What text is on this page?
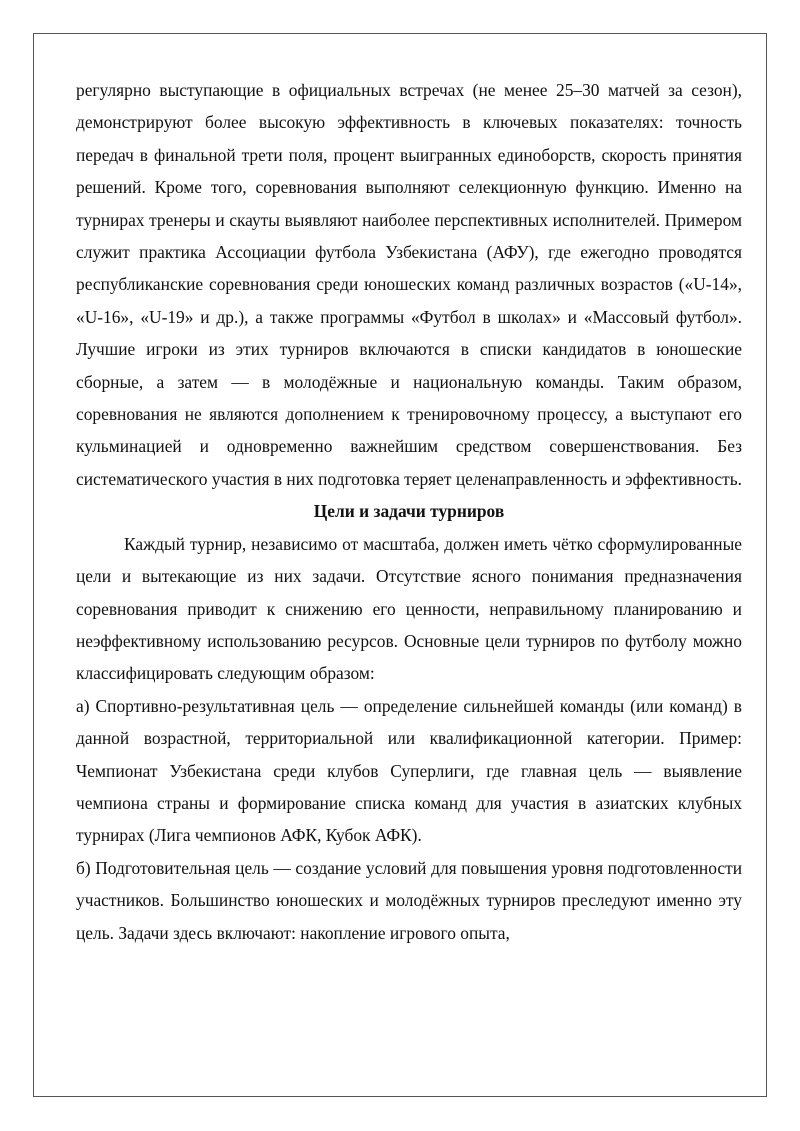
регулярно выступающие в официальных встречах (не менее 25–30 матчей за сезон), демонстрируют более высокую эффективность в ключевых показателях: точность передач в финальной трети поля, процент выигранных единоборств, скорость принятия решений. Кроме того, соревнования выполняют селекционную функцию. Именно на турнирах тренеры и скауты выявляют наиболее перспективных исполнителей. Примером служит практика Ассоциации футбола Узбекистана (АФУ), где ежегодно проводятся республиканские соревнования среди юношеских команд различных возрастов («U-14», «U-16», «U-19» и др.), а также программы «Футбол в школах» и «Массовый футбол». Лучшие игроки из этих турниров включаются в списки кандидатов в юношеские сборные, а затем — в молодёжные и национальную команды. Таким образом, соревнования не являются дополнением к тренировочному процессу, а выступают его кульминацией и одновременно важнейшим средством совершенствования. Без систематического участия в них подготовка теряет целенаправленность и эффективность.

Цели и задачи турниров

Каждый турнир, независимо от масштаба, должен иметь чётко сформулированные цели и вытекающие из них задачи. Отсутствие ясного понимания предназначения соревнования приводит к снижению его ценности, неправильному планированию и неэффективному использованию ресурсов. Основные цели турниров по футболу можно классифицировать следующим образом:

а) Спортивно-результативная цель — определение сильнейшей команды (или команд) в данной возрастной, территориальной или квалификационной категории. Пример: Чемпионат Узбекистана среди клубов Суперлиги, где главная цель — выявление чемпиона страны и формирование списка команд для участия в азиатских клубных турнирах (Лига чемпионов АФК, Кубок АФК).

б) Подготовительная цель — создание условий для повышения уровня подготовленности участников. Большинство юношеских и молодёжных турниров преследуют именно эту цель. Задачи здесь включают: накопление игрового опыта,
